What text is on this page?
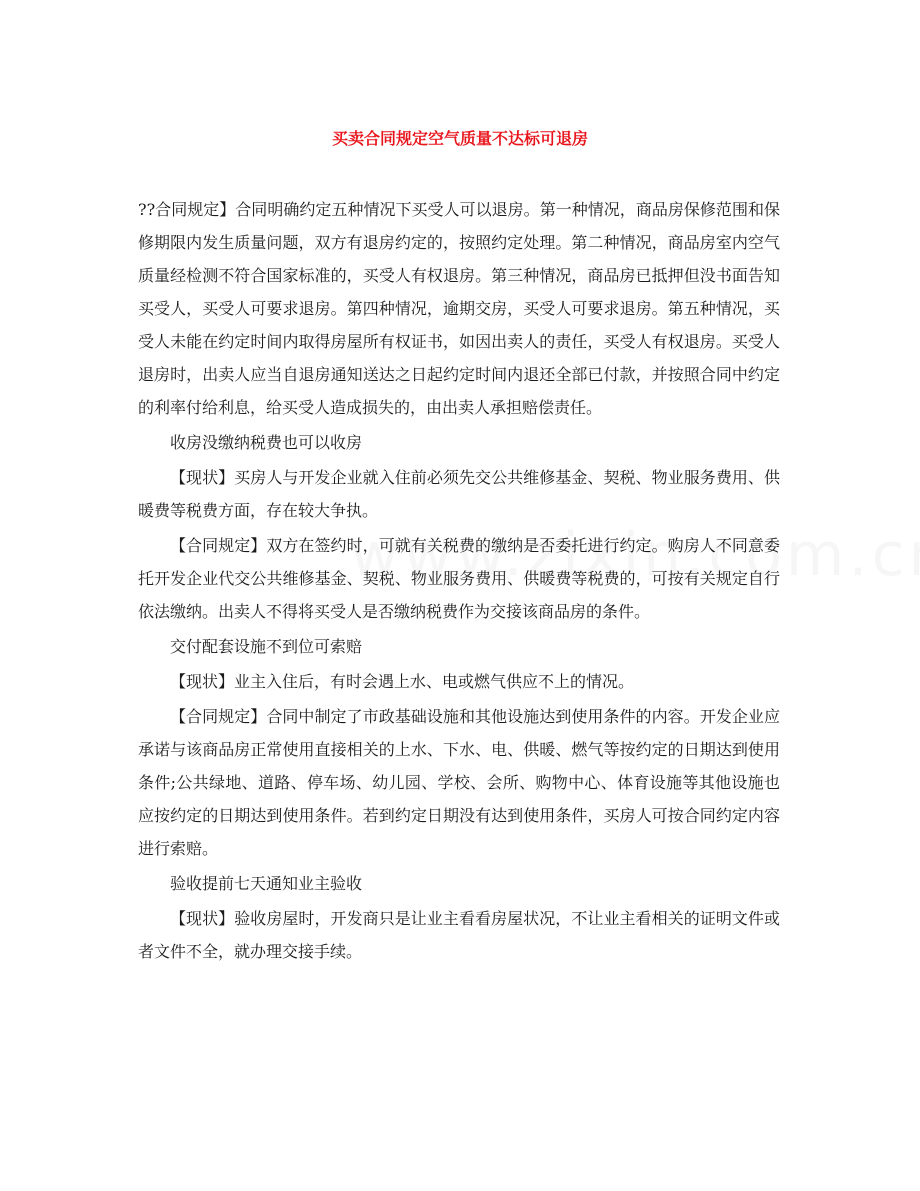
买卖合同规定空气质量不达标可退房

??合同规定】合同明确约定五种情况下买受人可以退房。第一种情况，商品房保修范围和保修期限内发生质量问题，双方有退房约定的，按照约定处理。第二种情况，商品房室内空气质量经检测不符合国家标准的，买受人有权退房。第三种情况，商品房已抵押但没书面告知买受人，买受人可要求退房。第四种情况，逾期交房，买受人可要求退房。第五种情况，买受人未能在约定时间内取得房屋所有权证书，如因出卖人的责任，买受人有权退房。买受人退房时，出卖人应当自退房通知送达之日起约定时间内退还全部已付款，并按照合同中约定的利率付给利息，给买受人造成损失的，由出卖人承担赔偿责任。

收房没缴纳税费也可以收房

【现状】买房人与开发企业就入住前必须先交公共维修基金、契税、物业服务费用、供暖费等税费方面，存在较大争执。

【合同规定】双方在签约时，可就有关税费的缴纳是否委托进行约定。购房人不同意委托开发企业代交公共维修基金、契税、物业服务费用、供暖费等税费的，可按有关规定自行依法缴纳。出卖人不得将买受人是否缴纳税费作为交接该商品房的条件。

交付配套设施不到位可索赔

【现状】业主入住后，有时会遇上水、电或燃气供应不上的情况。

【合同规定】合同中制定了市政基础设施和其他设施达到使用条件的内容。开发企业应承诺与该商品房正常使用直接相关的上水、下水、电、供暖、燃气等按约定的日期达到使用条件;公共绿地、道路、停车场、幼儿园、学校、会所、购物中心、体育设施等其他设施也应按约定的日期达到使用条件。若到约定日期没有达到使用条件，买房人可按合同约定内容进行索赔。

验收提前七天通知业主验收

【现状】验收房屋时，开发商只是让业主看看房屋状况，不让业主看相关的证明文件或者文件不全，就办理交接手续。
